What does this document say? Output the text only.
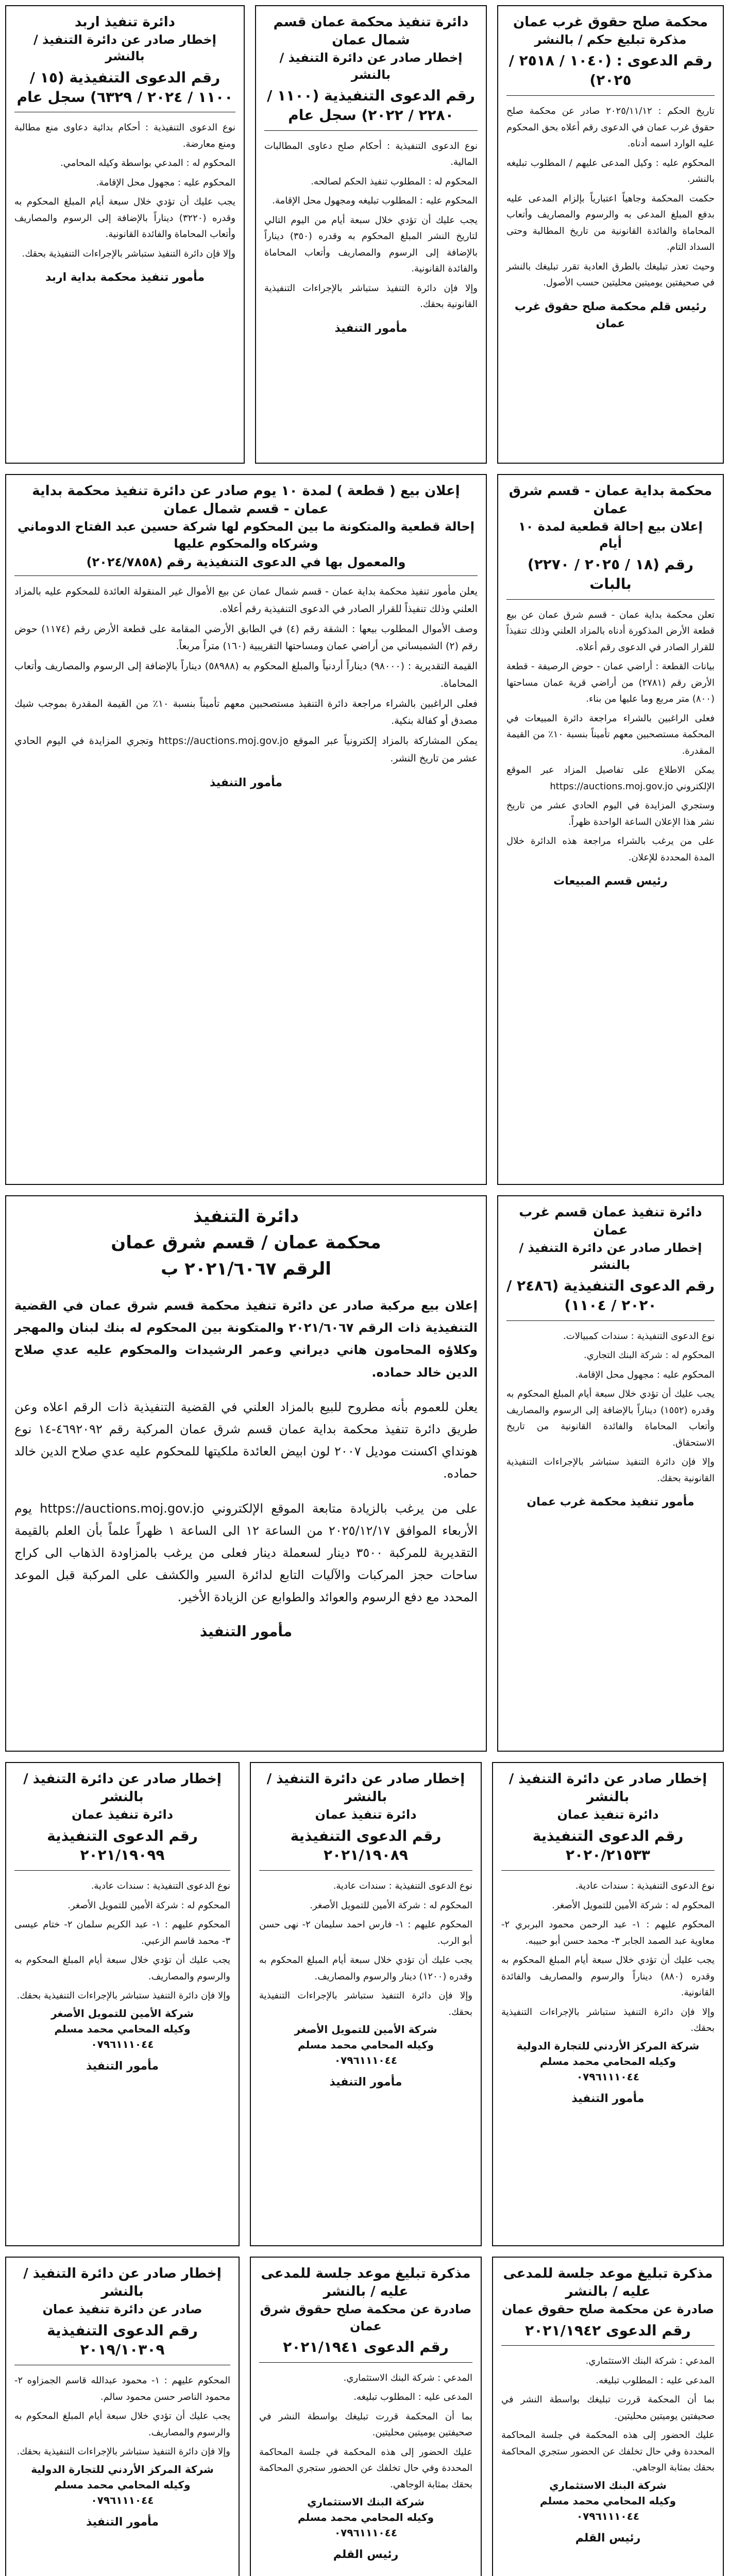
محكمة صلح حقوق غرب عمان
مذكرة تبليغ حكم / بالنشر
رقم الدعوى : (١٠٤٠ / ٢٥١٨ / ٢٠٢٥)

تاريخ الحكم : ٢٠٢٥/١١/١٢ صادر عن محكمة صلح حقوق غرب عمان في الدعوى رقم أعلاه بحق المحكوم عليه الوارد اسمه أدناه.

المحكوم عليه : وكيل المدعى عليهم / المطلوب تبليغه بالنشر.

حكمت المحكمة وجاهياً اعتبارياً بإلزام المدعى عليه بدفع المبلغ المدعى به والرسوم والمصاريف وأتعاب المحاماة والفائدة القانونية من تاريخ المطالبة وحتى السداد التام.

وحيث تعذر تبليغك بالطرق العادية تقرر تبليغك بالنشر في صحيفتين يوميتين محليتين حسب الأصول.

رئيس قلم محكمة صلح حقوق غرب عمان
دائرة تنفيذ محكمة عمان قسم شمال عمان
إخطار صادر عن دائرة التنفيذ / بالنشر
رقم الدعوى التنفيذية (١١٠٠ / ٢٢٨٠ / ٢٠٢٢) سجل عام

نوع الدعوى التنفيذية : أحكام صلح دعاوى المطالبات المالية.

المحكوم له : المطلوب تنفيذ الحكم لصالحه.

المحكوم عليه : المطلوب تبليغه ومجهول محل الإقامة.

يجب عليك أن تؤدي خلال سبعة أيام من اليوم التالي لتاريخ النشر المبلغ المحكوم به وقدره (٣٥٠) ديناراً بالإضافة إلى الرسوم والمصاريف وأتعاب المحاماة والفائدة القانونية.

وإلا فإن دائرة التنفيذ ستباشر بالإجراءات التنفيذية القانونية بحقك.

مأمور التنفيذ
دائرة تنفيذ اربد
إخطار صادر عن دائرة التنفيذ / بالنشر
رقم الدعوى التنفيذية (١٥ / ١١٠٠ / ٢٠٢٤ / ٦٣٢٩) سجل عام

نوع الدعوى التنفيذية : أحكام بدائية دعاوى منع مطالبة ومنع معارضة.

المحكوم له : المدعي بواسطة وكيله المحامي.

المحكوم عليه : مجهول محل الإقامة.

يجب عليك أن تؤدي خلال سبعة أيام المبلغ المحكوم به وقدره (٣٢٢٠) ديناراً بالإضافة إلى الرسوم والمصاريف وأتعاب المحاماة والفائدة القانونية.

وإلا فإن دائرة التنفيذ ستباشر بالإجراءات التنفيذية بحقك.

مأمور تنفيذ محكمة بداية اربد
محكمة بداية عمان - قسم شرق عمان
إعلان بيع إحالة قطعية لمدة ١٠ أيام
رقم (١٨ / ٢٠٢٥ / ٢٢٧٠) بالبات

تعلن محكمة بداية عمان - قسم شرق عمان عن بيع قطعة الأرض المذكورة أدناه بالمزاد العلني وذلك تنفيذاً للقرار الصادر في الدعوى رقم أعلاه.

بيانات القطعة : أراضي عمان - حوض الرصيفة - قطعة الأرض رقم (٢٧٨١) من أراضي قرية عمان مساحتها (٨٠٠) متر مربع وما عليها من بناء.

فعلى الراغبين بالشراء مراجعة دائرة المبيعات في المحكمة مستصحبين معهم تأميناً بنسبة ١٠٪ من القيمة المقدرة.

يمكن الاطلاع على تفاصيل المزاد عبر الموقع الإلكتروني https://auctions.moj.gov.jo

وستجري المزايدة في اليوم الحادي عشر من تاريخ نشر هذا الإعلان الساعة الواحدة ظهراً.

على من يرغب بالشراء مراجعة هذه الدائرة خلال المدة المحددة للإعلان.

رئيس قسم المبيعات
إعلان بيع ( قطعة ) لمدة ١٠ يوم صادر عن دائرة تنفيذ محكمة بداية عمان - قسم شمال عمان
إحالة قطعية والمتكونة ما بين المحكوم لها شركة حسين عبد الفتاح الدوماني وشركاه والمحكوم عليها
والمعمول بها في الدعوى التنفيذية رقم (٢٠٢٤/٧٨٥٨)

يعلن مأمور تنفيذ محكمة بداية عمان - قسم شمال عمان عن بيع الأموال غير المنقولة العائدة للمحكوم عليه بالمزاد العلني وذلك تنفيذاً للقرار الصادر في الدعوى التنفيذية رقم أعلاه.

وصف الأموال المطلوب بيعها : الشقة رقم (٤) في الطابق الأرضي المقامة على قطعة الأرض رقم (١١٧٤) حوض رقم (٢) الشميساني من أراضي عمان ومساحتها التقريبية (١٦٠) متراً مربعاً.

القيمة التقديرية : (٩٨٠٠٠) ديناراً أردنياً والمبلغ المحكوم به (٥٨٩٨٨) ديناراً بالإضافة إلى الرسوم والمصاريف وأتعاب المحاماة.

فعلى الراغبين بالشراء مراجعة دائرة التنفيذ مستصحبين معهم تأميناً بنسبة ١٠٪ من القيمة المقدرة بموجب شيك مصدق أو كفالة بنكية.

يمكن المشاركة بالمزاد إلكترونياً عبر الموقع https://auctions.moj.gov.jo وتجري المزايدة في اليوم الحادي عشر من تاريخ النشر.

مأمور التنفيذ
دائرة تنفيذ عمان قسم غرب عمان
إخطار صادر عن دائرة التنفيذ / بالنشر
رقم الدعوى التنفيذية (٢٤٨٦ / ٢٠٢٠ / ١١٠٤)

نوع الدعوى التنفيذية : سندات كمبيالات.

المحكوم له : شركة البنك التجاري.

المحكوم عليه : مجهول محل الإقامة.

يجب عليك أن تؤدي خلال سبعة أيام المبلغ المحكوم به وقدره (١٥٥٢) ديناراً بالإضافة إلى الرسوم والمصاريف وأتعاب المحاماة والفائدة القانونية من تاريخ الاستحقاق.

وإلا فإن دائرة التنفيذ ستباشر بالإجراءات التنفيذية القانونية بحقك.

مأمور تنفيذ محكمة غرب عمان
دائرة التنفيذ
محكمة عمان / قسم شرق عمان
الرقم ٢٠٢١/٦٠٦٧ ب

إعلان بيع مركبة صادر عن دائرة تنفيذ محكمة قسم شرق عمان في القضية التنفيذية ذات الرقم ٢٠٢١/٦٠٦٧ والمتكونة بين المحكوم له بنك لبنان والمهجر وكلاؤه المحامون هاني ديراني وعمر الرشيدات والمحكوم عليه عدي صلاح الدين خالد حماده.

يعلن للعموم بأنه مطروح للبيع بالمزاد العلني في القضية التنفيذية ذات الرقم اعلاه وعن طريق دائرة تنفيذ محكمة بداية عمان قسم شرق عمان المركبة رقم ٤٦٩٢٠٩٢-١٤ نوع هونداي اكسنت موديل ٢٠٠٧ لون ابيض العائدة ملكيتها للمحكوم عليه عدي صلاح الدين خالد حماده.

على من يرغب بالزيادة متابعة الموقع الإلكتروني https://auctions.moj.gov.jo يوم الأربعاء الموافق ٢٠٢٥/١٢/١٧ من الساعة ١٢ الى الساعة ١ ظهراً علماً بأن العلم بالقيمة التقديرية للمركبة ٣٥٠٠ دينار لسعملة دينار فعلى من يرغب بالمزاودة الذهاب الى كراج ساحات حجز المركبات والآليات التابع لدائرة السير والكشف على المركبة قبل الموعد المحدد مع دفع الرسوم والعوائد والطوابع عن الزيادة الأخير.

مأمور التنفيذ
إخطار صادر عن دائرة التنفيذ / بالنشر
دائرة تنفيذ عمان
رقم الدعوى التنفيذية ٢٠٢٠/٢١٥٣٣

نوع الدعوى التنفيذية : سندات عادية.

المحكوم له : شركة الأمين للتمويل الأصغر.

المحكوم عليهم : ١- عبد الرحمن محمود البربري ٢- معاوية عبد الصمد الجابر ٣- محمد حسن أبو حبيبه.

يجب عليك أن تؤدي خلال سبعة أيام المبلغ المحكوم به وقدره (٨٨٠) ديناراً والرسوم والمصاريف والفائدة القانونية.

وإلا فإن دائرة التنفيذ ستباشر بالإجراءات التنفيذية بحقك.

شركة المركز الأردني للتجارة الدولية
وكيله المحامي محمد مسلم
٠٧٩٦١١١٠٤٤
مأمور التنفيذ
إخطار صادر عن دائرة التنفيذ / بالنشر
دائرة تنفيذ عمان
رقم الدعوى التنفيذية ٢٠٢١/١٩٠٨٩

نوع الدعوى التنفيذية : سندات عادية.

المحكوم له : شركة الأمين للتمويل الأصغر.

المحكوم عليهم : ١- فارس احمد سليمان ٢- نهى حسن أبو الرب.

يجب عليك أن تؤدي خلال سبعة أيام المبلغ المحكوم به وقدره (١٢٠٠) دينار والرسوم والمصاريف.

وإلا فإن دائرة التنفيذ ستباشر بالإجراءات التنفيذية بحقك.

شركة الأمين للتمويل الأصغر
وكيله المحامي محمد مسلم
٠٧٩٦١١١٠٤٤
مأمور التنفيذ
إخطار صادر عن دائرة التنفيذ / بالنشر
دائرة تنفيذ عمان
رقم الدعوى التنفيذية ٢٠٢١/١٩٠٩٩

نوع الدعوى التنفيذية : سندات عادية.

المحكوم له : شركة الأمين للتمويل الأصغر.

المحكوم عليهم : ١- عبد الكريم سلمان ٢- ختام عيسى ٣- محمد قاسم الزعبي.

يجب عليك أن تؤدي خلال سبعة أيام المبلغ المحكوم به والرسوم والمصاريف.

وإلا فإن دائرة التنفيذ ستباشر بالإجراءات التنفيذية بحقك.

شركة الأمين للتمويل الأصغر
وكيله المحامي محمد مسلم
٠٧٩٦١١١٠٤٤
مأمور التنفيذ
مذكرة تبليغ موعد جلسة للمدعى عليه / بالنشر
صادرة عن محكمة صلح حقوق عمان
رقم الدعوى ٢٠٢١/١٩٤٢

المدعي : شركة البنك الاستثماري.

المدعى عليه : المطلوب تبليغه.

بما أن المحكمة قررت تبليغك بواسطة النشر في صحيفتين يوميتين محليتين.

عليك الحضور إلى هذه المحكمة في جلسة المحاكمة المحددة وفي حال تخلفك عن الحضور ستجري المحاكمة بحقك بمثابة الوجاهي.

شركة البنك الاستثماري
وكيله المحامي محمد مسلم
٠٧٩٦١١١٠٤٤
رئيس القلم
مذكرة تبليغ موعد جلسة للمدعى عليه / بالنشر
صادرة عن محكمة صلح حقوق شرق عمان
رقم الدعوى ٢٠٢١/١٩٤١

المدعي : شركة البنك الاستثماري.

المدعى عليه : المطلوب تبليغه.

بما أن المحكمة قررت تبليغك بواسطة النشر في صحيفتين يوميتين محليتين.

عليك الحضور إلى هذه المحكمة في جلسة المحاكمة المحددة وفي حال تخلفك عن الحضور ستجري المحاكمة بحقك بمثابة الوجاهي.

شركة البنك الاستثماري
وكيله المحامي محمد مسلم
٠٧٩٦١١١٠٤٤
رئيس القلم
إخطار صادر عن دائرة التنفيذ / بالنشر
صادر عن دائرة تنفيذ عمان
رقم الدعوى التنفيذية ٢٠١٩/١٠٣٠٩

المحكوم عليهم : ١- محمود عبدالله قاسم الجمزاوه ٢- محمود الناصر حسن محمود سالم.

يجب عليك أن تؤدي خلال سبعة أيام المبلغ المحكوم به والرسوم والمصاريف.

وإلا فإن دائرة التنفيذ ستباشر بالإجراءات التنفيذية بحقك.

شركة المركز الأردني للتجارة الدولية
وكيله المحامي محمد مسلم
٠٧٩٦١١١٠٤٤
مأمور التنفيذ
